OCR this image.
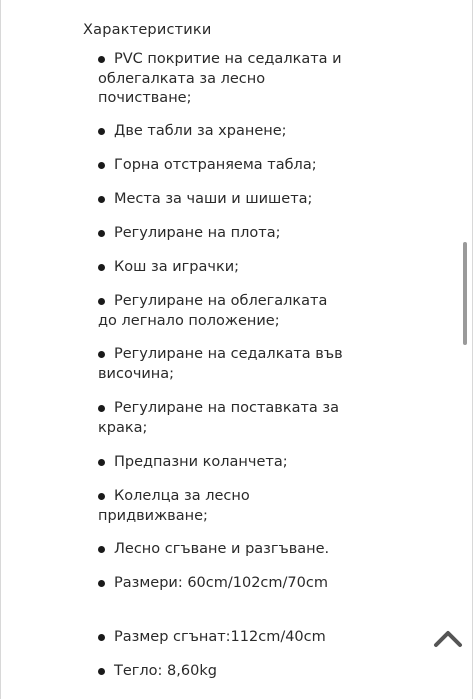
Характеристики
PVC покритие на седалката и облегалката за лесно почистване;
Две табли за хранене;
Горна отстраняема табла;
Места за чаши и шишета;
Регулиране на плота;
Кош за играчки;
Регулиране на облегалката до легнало положение;
Регулиране на седалката във височина;
Регулиране на поставката за крака;
Предпазни коланчета;
Колелца за лесно придвижване;
Лесно сгъване и разгъване.
Размери: 60cm/102cm/70cm
Размер сгънат:112cm/40cm
Тегло: 8,60kg
